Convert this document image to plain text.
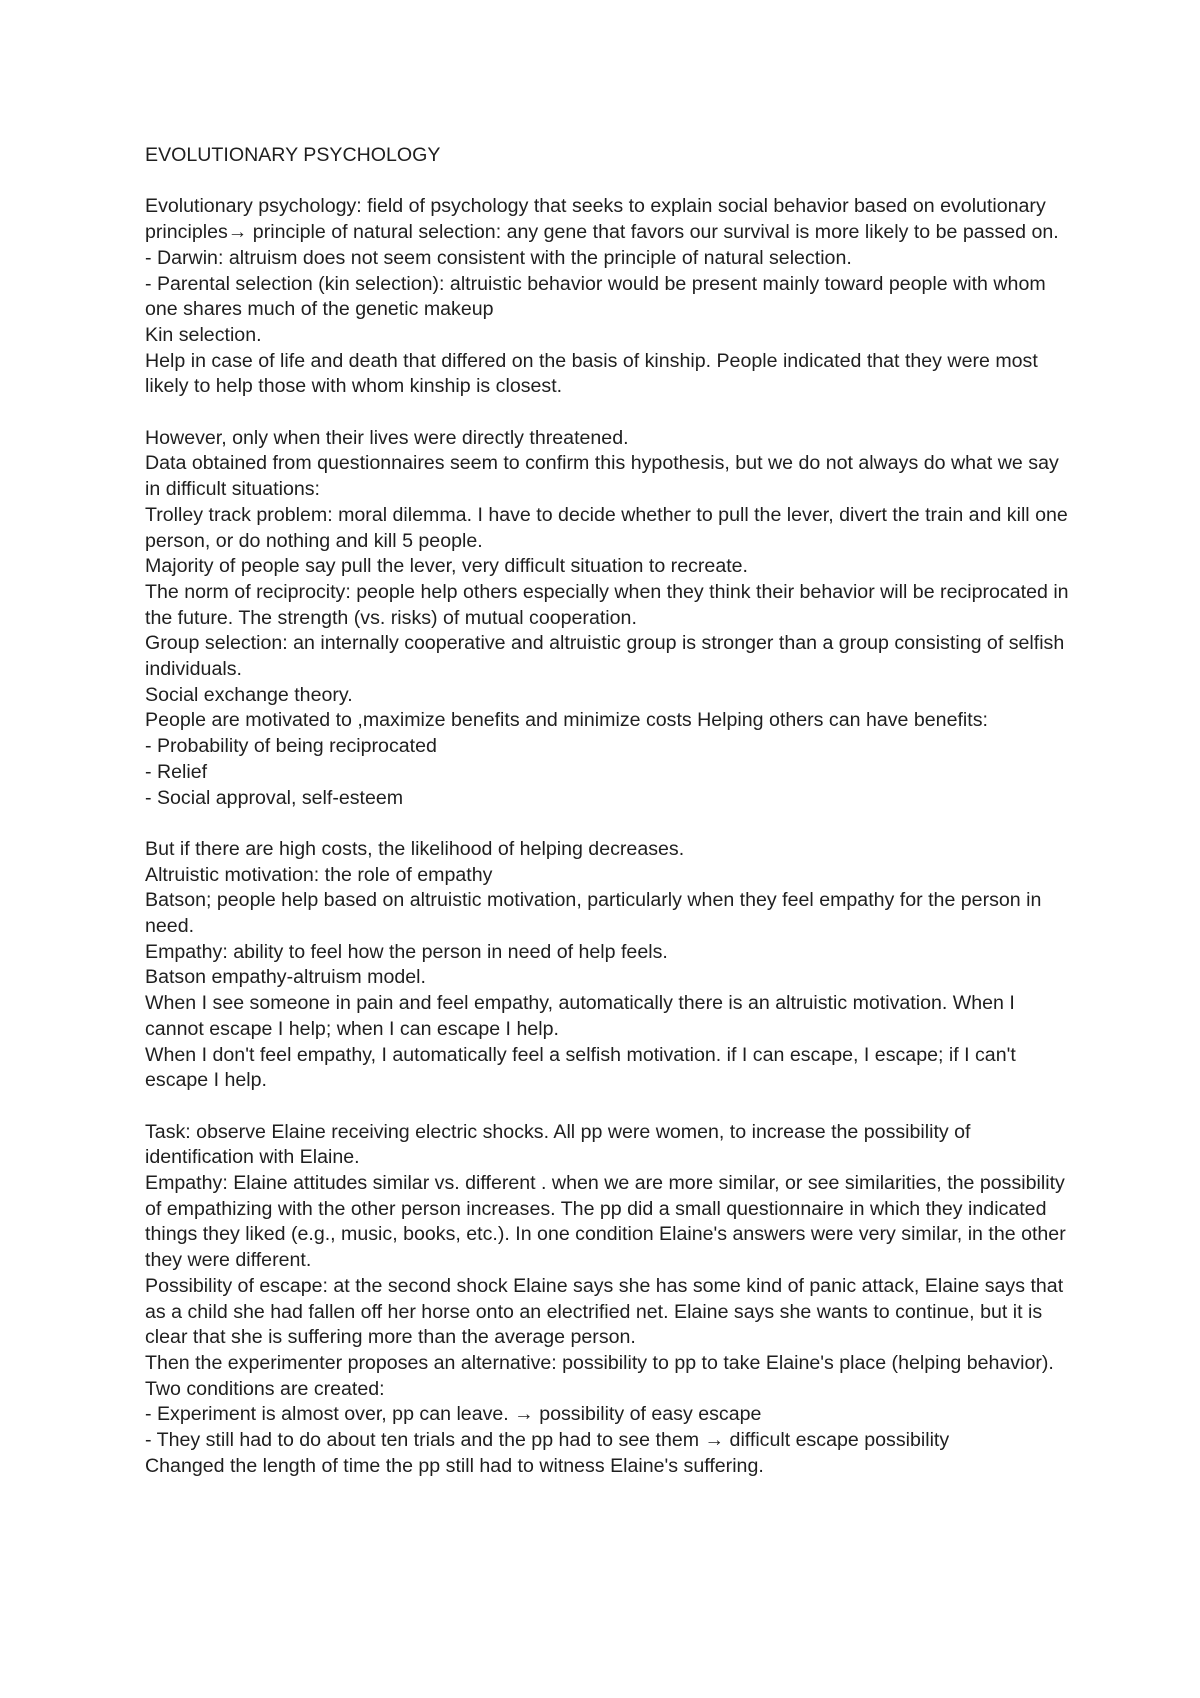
EVOLUTIONARY PSYCHOLOGY

Evolutionary psychology: field of psychology that seeks to explain social behavior based on evolutionary principles→ principle of natural selection: any gene that favors our survival is more likely to be passed on.

- Darwin: altruism does not seem consistent with the principle of natural selection.

- Parental selection (kin selection): altruistic behavior would be present mainly toward people with whom one shares much of the genetic makeup

Kin selection.

Help in case of life and death that differed on the basis of kinship. People indicated that they were most likely to help those with whom kinship is closest.

However, only when their lives were directly threatened.

Data obtained from questionnaires seem to confirm this hypothesis, but we do not always do what we say in difficult situations:

Trolley track problem: moral dilemma. I have to decide whether to pull the lever, divert the train and kill one person, or do nothing and kill 5 people.

Majority of people say pull the lever, very difficult situation to recreate.

The norm of reciprocity: people help others especially when they think their behavior will be reciprocated in the future. The strength (vs. risks) of mutual cooperation.

Group selection: an internally cooperative and altruistic group is stronger than a group consisting of selfish individuals.

Social exchange theory.

People are motivated to ,maximize benefits and minimize costs Helping others can have benefits:

- Probability of being reciprocated

- Relief

- Social approval, self-esteem

But if there are high costs, the likelihood of helping decreases.

Altruistic motivation: the role of empathy

Batson; people help based on altruistic motivation, particularly when they feel empathy for the person in need.

Empathy: ability to feel how the person in need of help feels.

Batson empathy-altruism model.

When I see someone in pain and feel empathy, automatically there is an altruistic motivation. When I cannot escape I help; when I can escape I help.

When I don't feel empathy, I automatically feel a selfish motivation. if I can escape, I escape; if I can't escape I help.

Task: observe Elaine receiving electric shocks. All pp were women, to increase the possibility of identification with Elaine.

Empathy: Elaine attitudes similar vs. different . when we are more similar, or see similarities, the possibility of empathizing with the other person increases. The pp did a small questionnaire in which they indicated things they liked (e.g., music, books, etc.). In one condition Elaine's answers were very similar, in the other they were different.

Possibility of escape: at the second shock Elaine says she has some kind of panic attack, Elaine says that as a child she had fallen off her horse onto an electrified net. Elaine says she wants to continue, but it is clear that she is suffering more than the average person.

Then the experimenter proposes an alternative: possibility to pp to take Elaine's place (helping behavior). Two conditions are created:

- Experiment is almost over, pp can leave. → possibility of easy escape

- They still had to do about ten trials and the pp had to see them → difficult escape possibility

Changed the length of time the pp still had to witness Elaine's suffering.
